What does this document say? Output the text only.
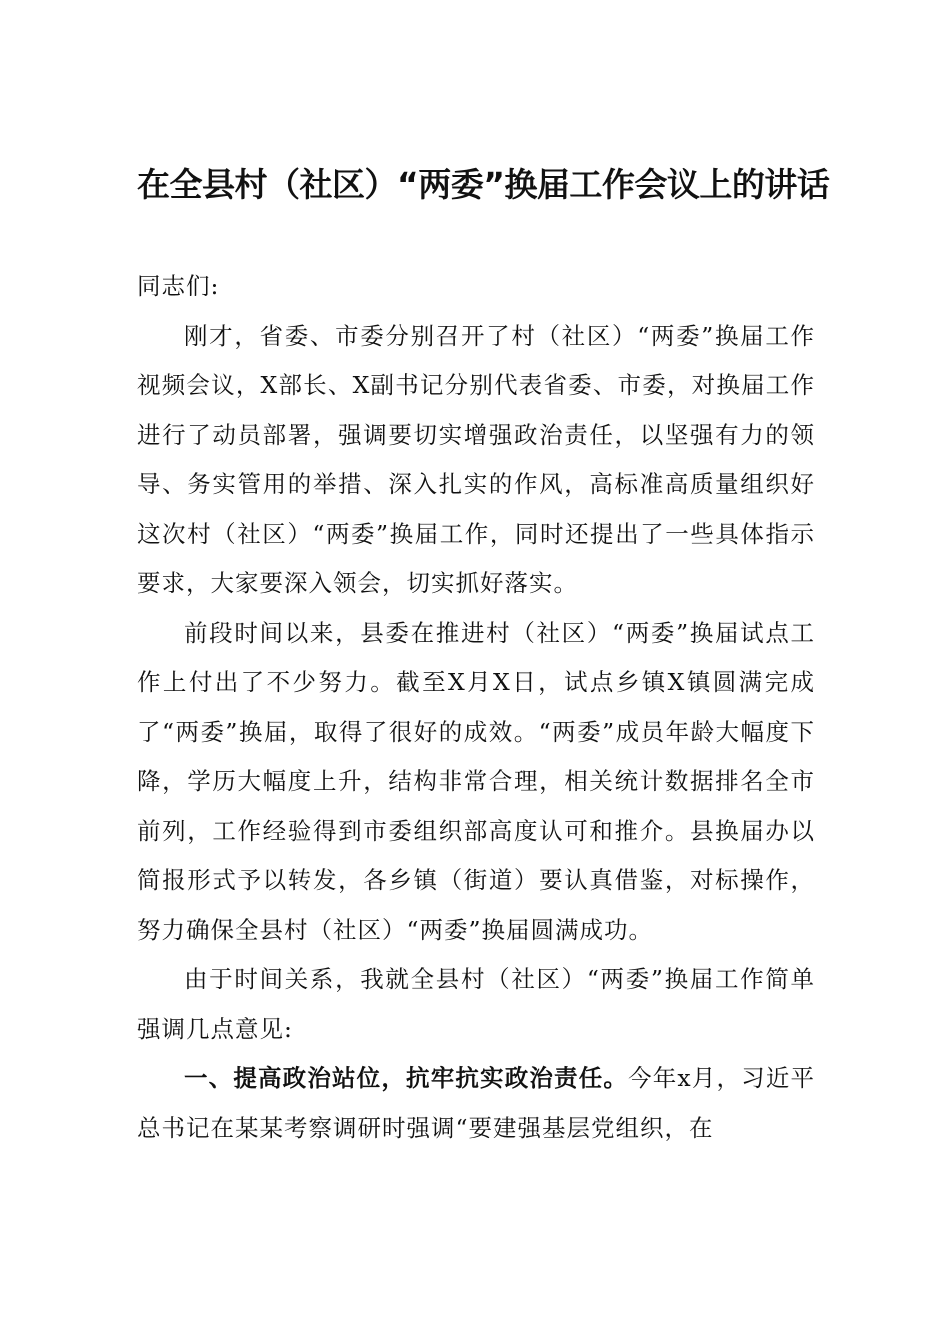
在全县村（社区）“两委”换届工作会议上的讲话

同志们:

刚才，省委、市委分别召开了村（社区）“两委”换届工作视频会议，X部长、X副书记分别代表省委、市委，对换届工作进行了动员部署，强调要切实增强政治责任，以坚强有力的领导、务实管用的举措、深入扎实的作风，高标准高质量组织好这次村（社区）“两委”换届工作，同时还提出了一些具体指示要求，大家要深入领会，切实抓好落实。

前段时间以来，县委在推进村（社区）“两委”换届试点工作上付出了不少努力。截至X月X日，试点乡镇X镇圆满完成了“两委”换届，取得了很好的成效。“两委”成员年龄大幅度下降，学历大幅度上升，结构非常合理，相关统计数据排名全市前列，工作经验得到市委组织部高度认可和推介。县换届办以简报形式予以转发，各乡镇（街道）要认真借鉴，对标操作，努力确保全县村（社区）“两委”换届圆满成功。

由于时间关系，我就全县村（社区）“两委”换届工作简单强调几点意见:

一、提高政治站位，抗牢抗实政治责任。今年x月，习近平总书记在某某考察调研时强调“要建强基层党组织，在
